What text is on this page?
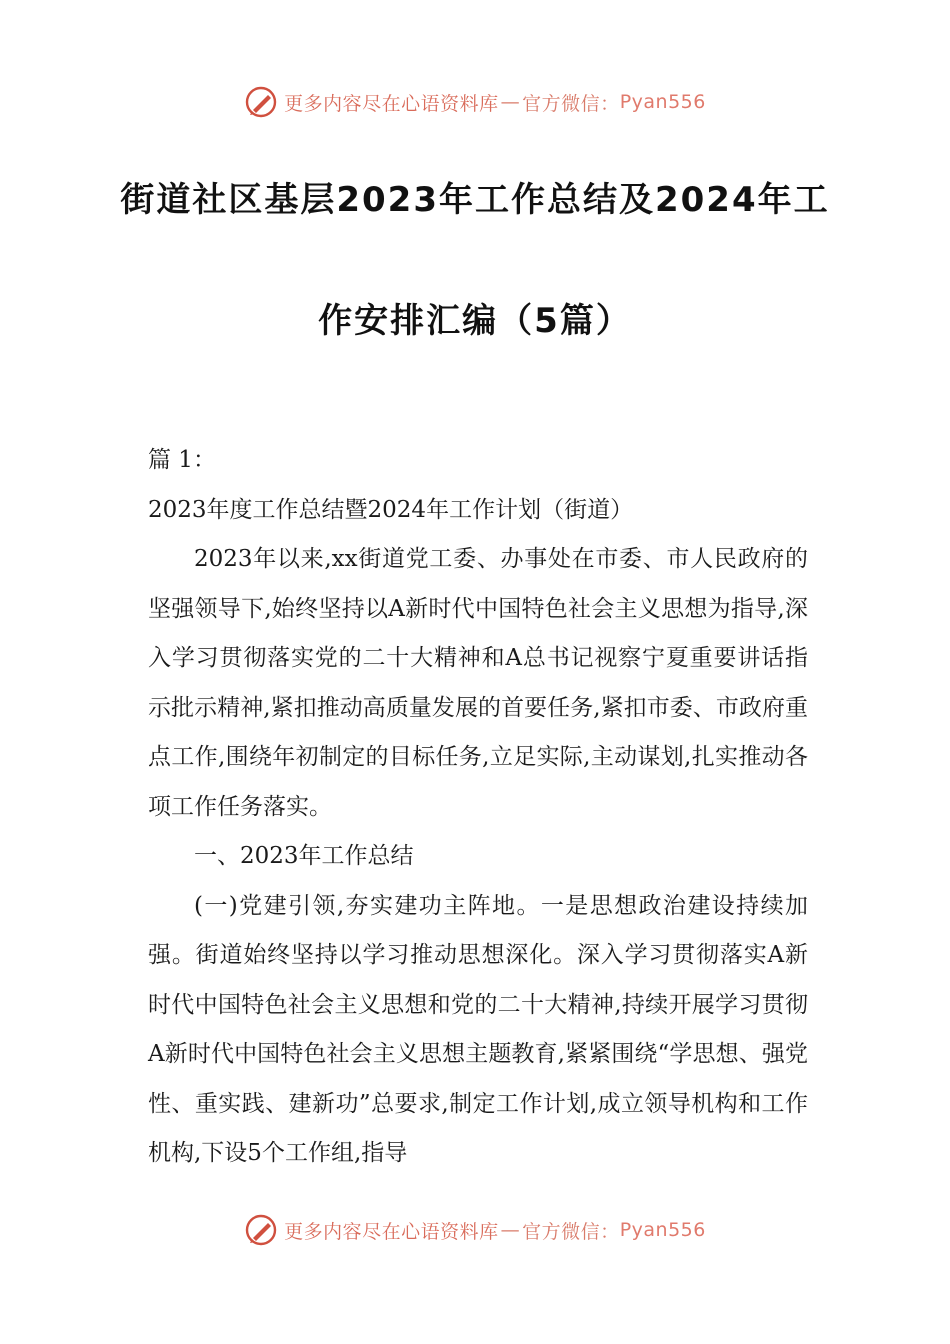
更多内容尽在心语资料库 — 官方微信： Pyan556
街道社区基层2023年工作总结及2024年工
作安排汇编（5篇）

篇 1：

2023年度工作总结暨2024年工作计划（街道）

2023年以来,xx街道党工委、办事处在市委、市人民政府的坚强领导下,始终坚持以A新时代中国特色社会主义思想为指导,深入学习贯彻落实党的二十大精神和A总书记视察宁夏重要讲话指示批示精神,紧扣推动高质量发展的首要任务,紧扣市委、市政府重点工作,围绕年初制定的目标任务,立足实际,主动谋划,扎实推动各项工作任务落实。

一、2023年工作总结

(一)党建引领,夯实建功主阵地。一是思想政治建设持续加强。街道始终坚持以学习推动思想深化。深入学习贯彻落实A新时代中国特色社会主义思想和党的二十大精神,持续开展学习贯彻A新时代中国特色社会主义思想主题教育,紧紧围绕“学思想、强党性、重实践、建新功”总要求,制定工作计划,成立领导机构和工作机构,下设5个工作组,指导

更多内容尽在心语资料库 — 官方微信： Pyan556
